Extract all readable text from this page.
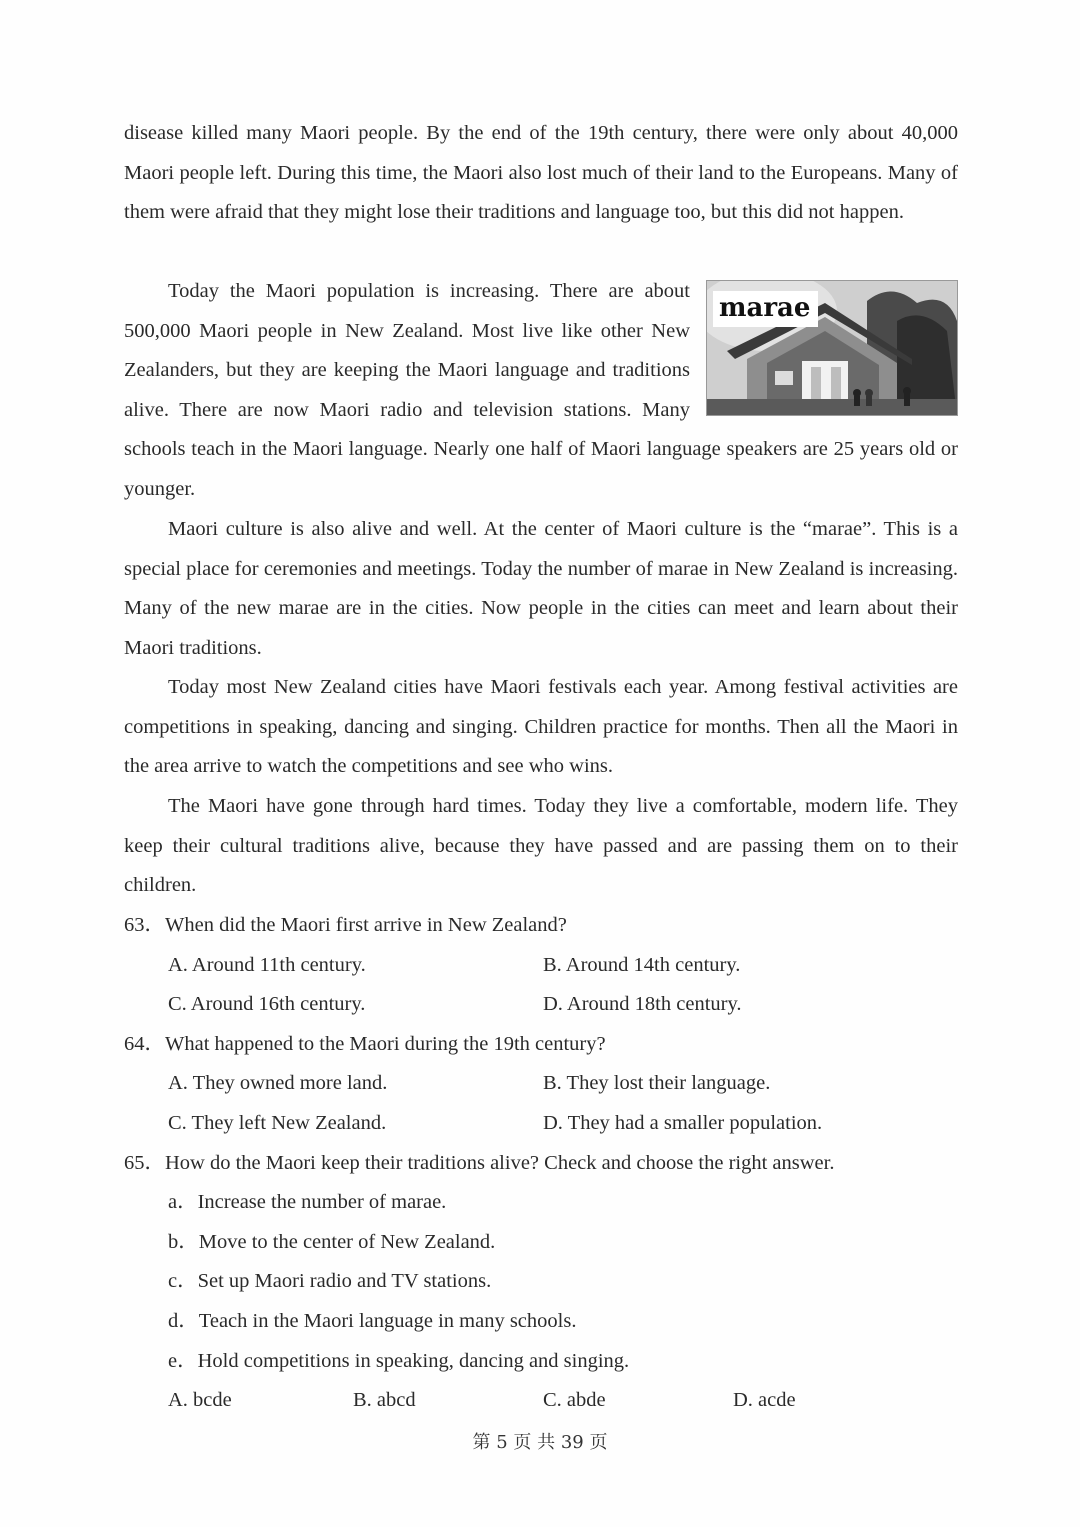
disease killed many Maori people. By the end of the 19th century, there were only about 40,000 Maori people left. During this time, the Maori also lost much of their land to the Europeans. Many of them were afraid that they might lose their traditions and language too, but this did not happen.

marae

Today the Maori population is increasing. There are about 500,000 Maori people in New Zealand. Most live like other New Zealanders, but they are keeping the Maori language and traditions alive. There are now Maori radio and television stations. Many schools teach in the Maori language. Nearly one half of Maori language speakers are 25 years old or younger.

Maori culture is also alive and well. At the center of Maori culture is the “marae”. This is a special place for ceremonies and meetings. Today the number of marae in New Zealand is increasing. Many of the new marae are in the cities. Now people in the cities can meet and learn about their Maori traditions.

Today most New Zealand cities have Maori festivals each year. Among festival activities are competitions in speaking, dancing and singing. Children practice for months. Then all the Maori in the area arrive to watch the competitions and see who wins.

The Maori have gone through hard times. Today they live a comfortable, modern life. They keep their cultural traditions alive, because they have passed and are passing them on to their children.

63．When did the Maori first arrive in New Zealand?
A. Around 11th century.	B. Around 14th century.
C. Around 16th century.	D. Around 18th century.
64．What happened to the Maori during the 19th century?
A. They owned more land.	B. They lost their language.
C. They left New Zealand.	D. They had a smaller population.
65．How do the Maori keep their traditions alive? Check and choose the right answer.
a．Increase the number of marae.
b．Move to the center of New Zealand.
c．Set up Maori radio and TV stations.
d．Teach in the Maori language in many schools.
e．Hold competitions in speaking, dancing and singing.
A. bcde	B. abcd	C. abde	D. acde
第 5 页 共 39 页
